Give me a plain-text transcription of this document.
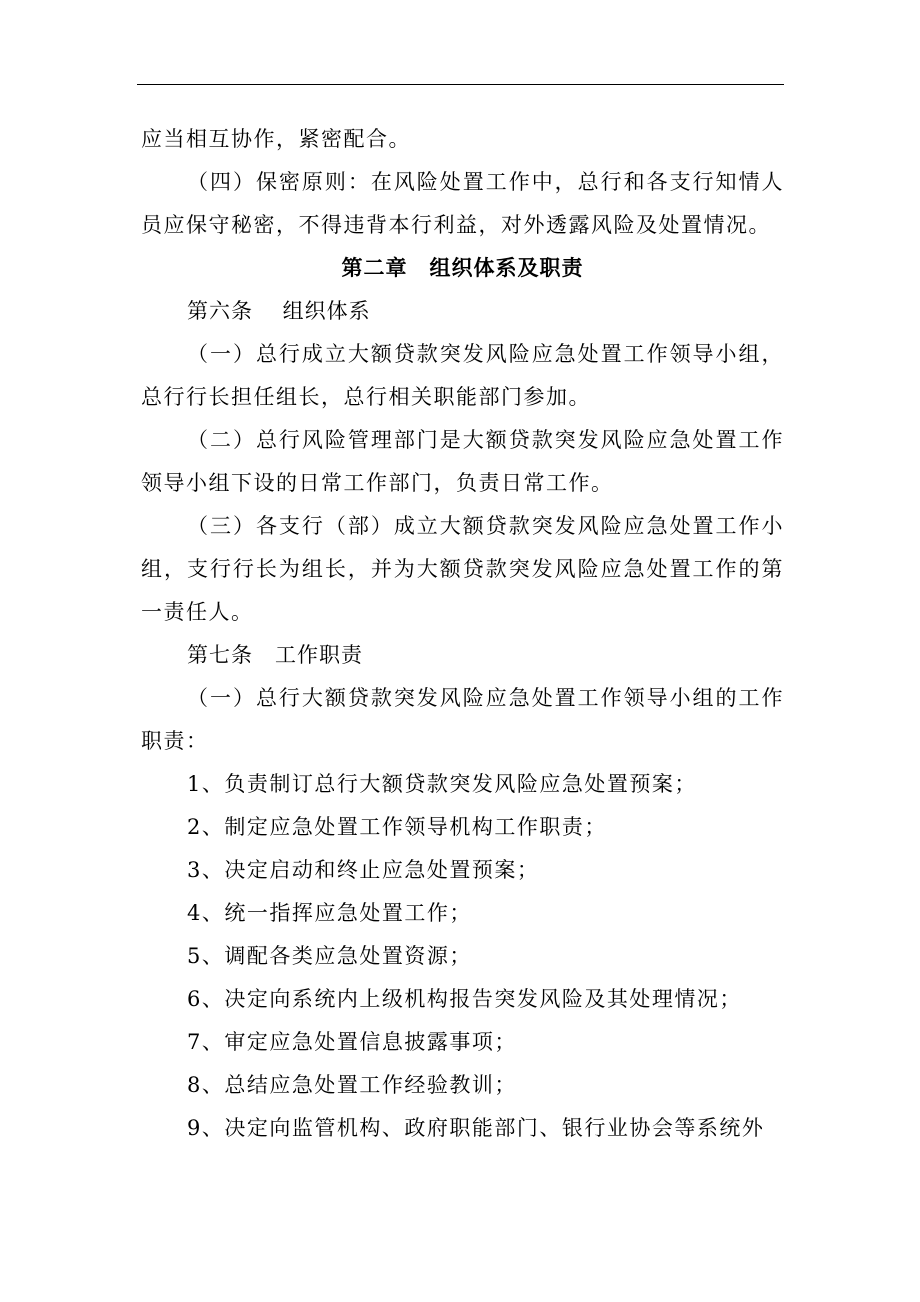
应当相互协作，紧密配合。

（四）保密原则：在风险处置工作中，总行和各支行知情人员应保守秘密，不得违背本行利益，对外透露风险及处置情况。

第二章　组织体系及职责

第六条　 组织体系

（一）总行成立大额贷款突发风险应急处置工作领导小组，总行行长担任组长，总行相关职能部门参加。

（二）总行风险管理部门是大额贷款突发风险应急处置工作领导小组下设的日常工作部门，负责日常工作。

（三）各支行（部）成立大额贷款突发风险应急处置工作小组，支行行长为组长，并为大额贷款突发风险应急处置工作的第一责任人。

第七条　工作职责

（一）总行大额贷款突发风险应急处置工作领导小组的工作职责：

1、负责制订总行大额贷款突发风险应急处置预案；

2、制定应急处置工作领导机构工作职责；

3、决定启动和终止应急处置预案；

4、统一指挥应急处置工作；

5、调配各类应急处置资源；

6、决定向系统内上级机构报告突发风险及其处理情况；

7、审定应急处置信息披露事项；

8、总结应急处置工作经验教训；

9、决定向监管机构、政府职能部门、银行业协会等系统外
